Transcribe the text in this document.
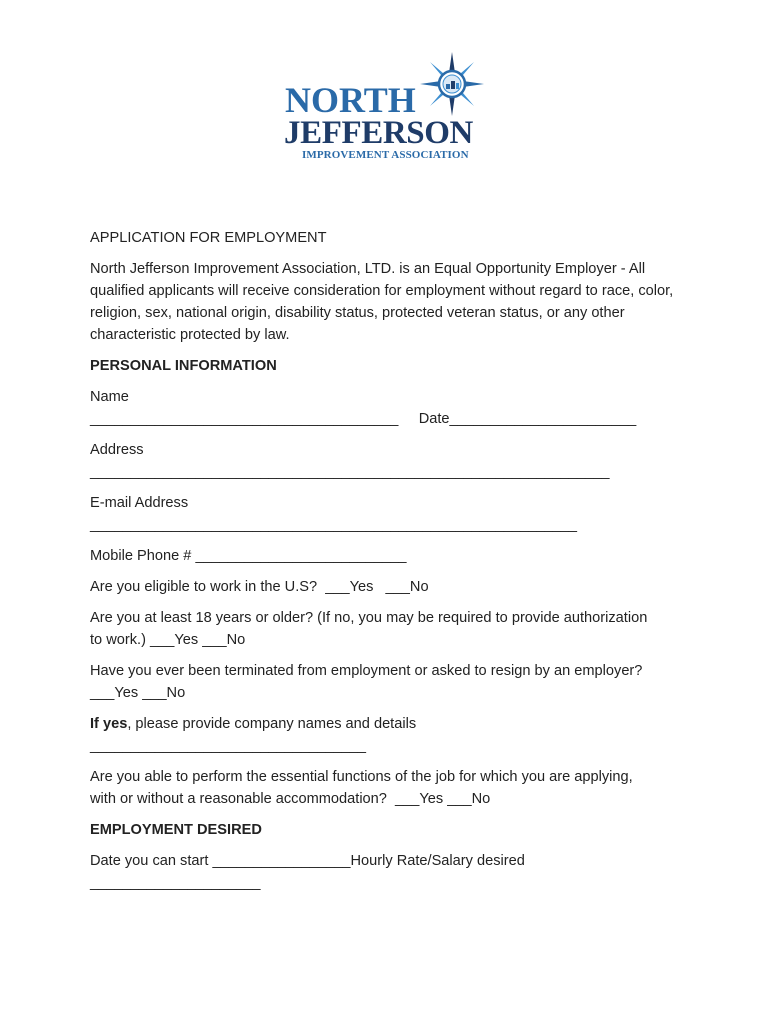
NORTH

JEFFERSON

IMPROVEMENT ASSOCIATION

APPLICATION FOR EMPLOYMENT

North Jefferson Improvement Association, LTD. is an Equal Opportunity Employer - All qualified applicants will receive consideration for employment without regard to race, color, religion, sex, national origin, disability status, protected veteran status, or any other characteristic protected by law.

PERSONAL INFORMATION

Name

______________________________________ Date_______________________

Address

________________________________________________________________

E-mail Address

____________________________________________________________

Mobile Phone # __________________________

Are you eligible to work in the U.S?  ___Yes   ___No

Are you at least 18 years or older? (If no, you may be required to provide authorization

to work.) ___Yes ___No

Have you ever been terminated from employment or asked to resign by an employer?

___Yes ___No

If yes, please provide company names and details

__________________________________

Are you able to perform the essential functions of the job for which you are applying,

with or without a reasonable accommodation?  ___Yes ___No

EMPLOYMENT DESIRED

Date you can start _________________Hourly Rate/Salary desired

_____________________
